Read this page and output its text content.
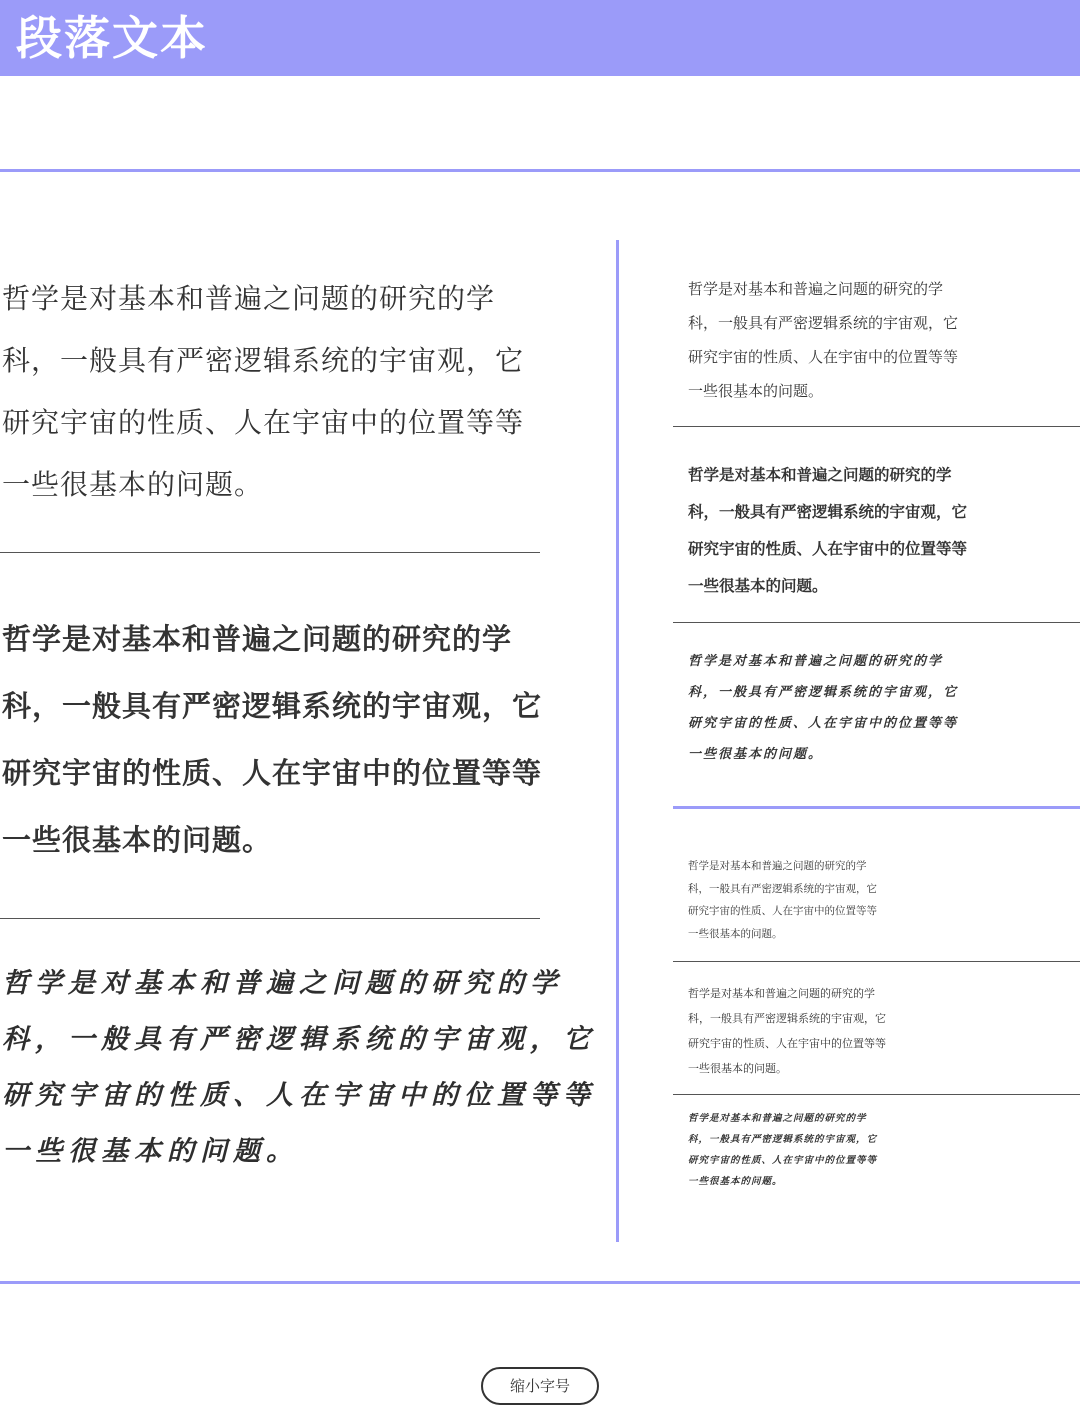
段落文本
哲学是对基本和普遍之问题的研究的学
科，一般具有严密逻辑系统的宇宙观，它
研究宇宙的性质、人在宇宙中的位置等等
一些很基本的问题。
哲学是对基本和普遍之问题的研究的学
科，一般具有严密逻辑系统的宇宙观，它
研究宇宙的性质、人在宇宙中的位置等等
一些很基本的问题。
哲学是对基本和普遍之问题的研究的学
科，一般具有严密逻辑系统的宇宙观，它
研究宇宙的性质、人在宇宙中的位置等等
一些很基本的问题。
哲学是对基本和普遍之问题的研究的学
科，一般具有严密逻辑系统的宇宙观，它
研究宇宙的性质、人在宇宙中的位置等等
一些很基本的问题。
哲学是对基本和普遍之问题的研究的学
科，一般具有严密逻辑系统的宇宙观，它
研究宇宙的性质、人在宇宙中的位置等等
一些很基本的问题。
哲学是对基本和普遍之问题的研究的学
科，一般具有严密逻辑系统的宇宙观，它
研究宇宙的性质、人在宇宙中的位置等等
一些很基本的问题。
哲学是对基本和普遍之问题的研究的学
科，一般具有严密逻辑系统的宇宙观，它
研究宇宙的性质、人在宇宙中的位置等等
一些很基本的问题。
哲学是对基本和普遍之问题的研究的学
科，一般具有严密逻辑系统的宇宙观，它
研究宇宙的性质、人在宇宙中的位置等等
一些很基本的问题。
哲学是对基本和普遍之问题的研究的学
科，一般具有严密逻辑系统的宇宙观，它
研究宇宙的性质、人在宇宙中的位置等等
一些很基本的问题。
缩小字号
